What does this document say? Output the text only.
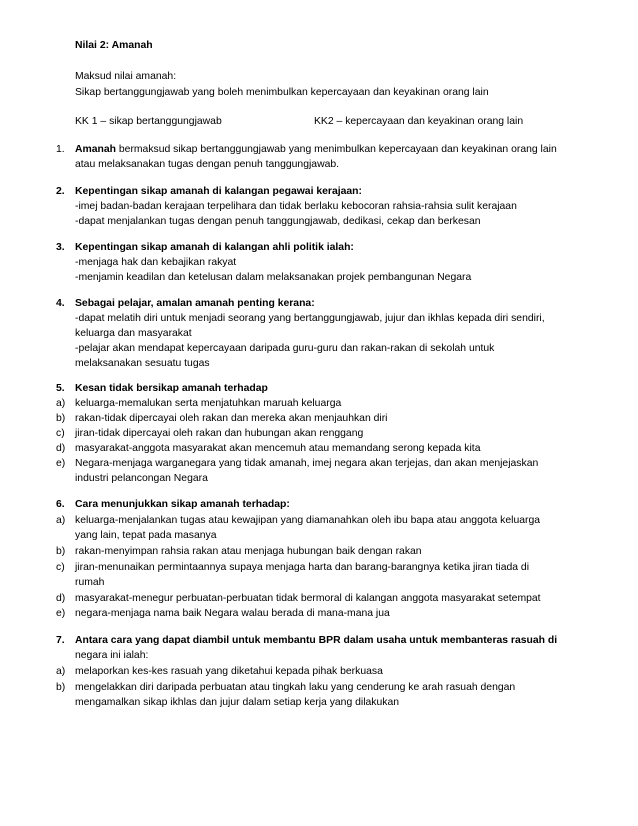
Nilai 2: Amanah
Maksud nilai amanah:
Sikap bertanggungjawab yang boleh menimbulkan kepercayaan dan keyakinan orang lain
KK 1 – sikap bertanggungjawab	KK2 – kepercayaan dan keyakinan orang lain
1. Amanah bermaksud sikap bertanggungjawab yang menimbulkan kepercayaan dan keyakinan orang lain
atau melaksanakan tugas dengan penuh tanggungjawab.
2. Kepentingan sikap amanah di kalangan pegawai kerajaan:
-imej badan-badan kerajaan terpelihara dan tidak berlaku kebocoran rahsia-rahsia sulit kerajaan
-dapat menjalankan tugas dengan penuh tanggungjawab, dedikasi, cekap dan berkesan
3. Kepentingan sikap amanah di kalangan ahli politik ialah:
-menjaga hak dan kebajikan rakyat
-menjamin keadilan dan ketelusan dalam melaksanakan projek pembangunan Negara
4. Sebagai pelajar, amalan amanah penting kerana:
-dapat melatih diri untuk menjadi seorang yang bertanggungjawab, jujur dan ikhlas kepada diri sendiri,
keluarga dan masyarakat
-pelajar akan mendapat kepercayaan daripada guru-guru dan rakan-rakan di sekolah untuk
melaksanakan sesuatu tugas
5. Kesan tidak bersikap amanah terhadap
a) keluarga-memalukan serta menjatuhkan maruah keluarga
b) rakan-tidak dipercayai oleh rakan dan mereka akan menjauhkan diri
c) jiran-tidak dipercayai oleh rakan dan hubungan akan renggang
d) masyarakat-anggota masyarakat akan mencemuh atau memandang serong kepada kita
e) Negara-menjaga warganegara yang tidak amanah, imej negara akan terjejas, dan akan menjejaskan
industri pelancongan Negara
6. Cara menunjukkan sikap amanah terhadap:
a) keluarga-menjalankan tugas atau kewajipan yang diamanahkan oleh ibu bapa atau anggota keluarga
yang lain, tepat pada masanya
b) rakan-menyimpan rahsia rakan atau menjaga hubungan baik dengan rakan
c) jiran-menunaikan permintaannya supaya menjaga harta dan barang-barangnya ketika jiran tiada di
rumah
d) masyarakat-menegur perbuatan-perbuatan tidak bermoral di kalangan anggota masyarakat setempat
e) negara-menjaga nama baik Negara walau berada di mana-mana jua
7. Antara cara yang dapat diambil untuk membantu BPR dalam usaha untuk membanteras rasuah di
negara ini ialah:
a) melaporkan kes-kes rasuah yang diketahui kepada pihak berkuasa
b) mengelakkan diri daripada perbuatan atau tingkah laku yang cenderung ke arah rasuah dengan
mengamalkan sikap ikhlas dan jujur dalam setiap kerja yang dilakukan
